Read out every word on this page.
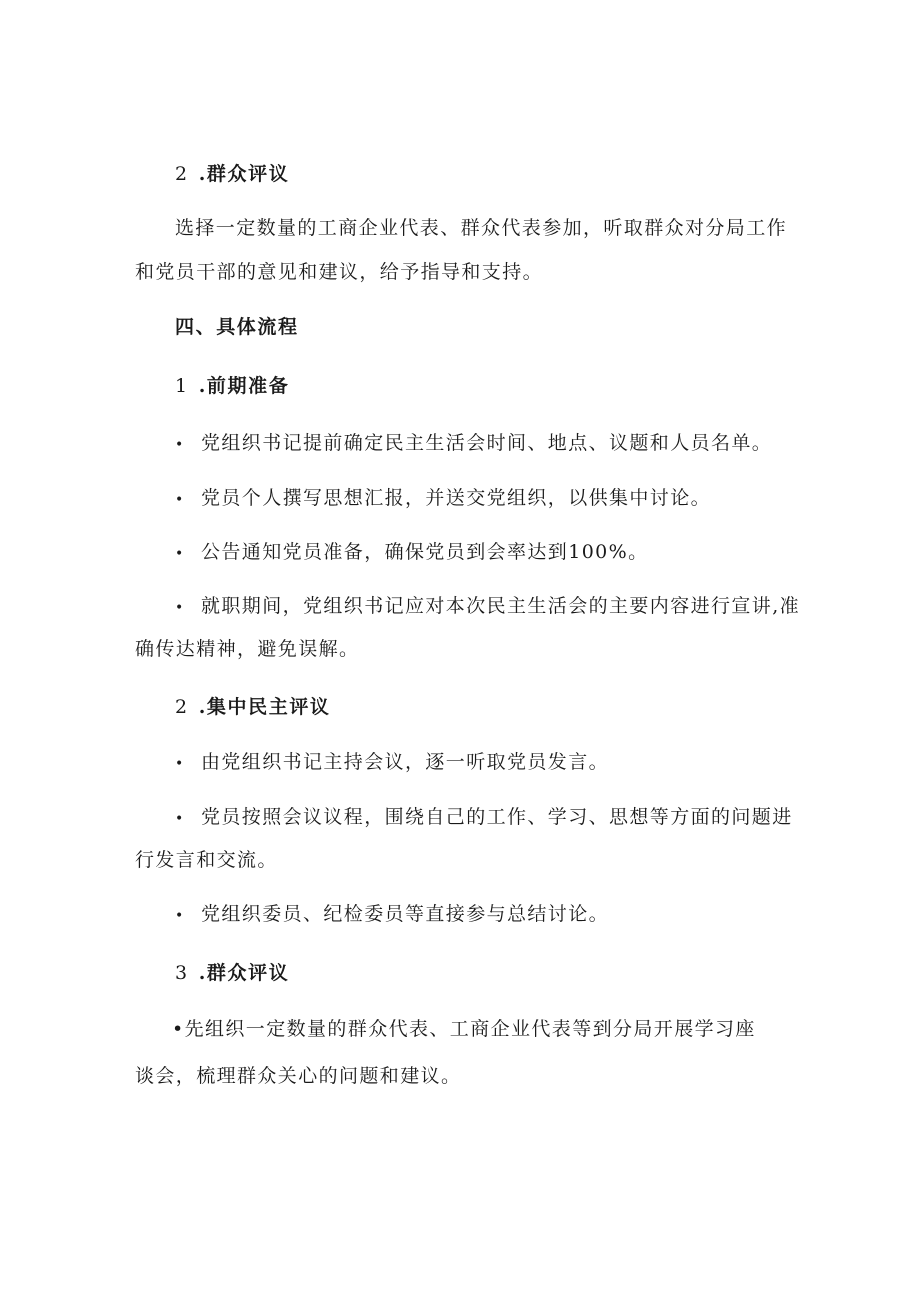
2 .群众评议
选择一定数量的工商企业代表、群众代表参加，听取群众对分局工作
和党员干部的意见和建议，给予指导和支持。
四、具体流程
1 .前期准备
• 党组织书记提前确定民主生活会时间、地点、议题和人员名单。
• 党员个人撰写思想汇报，并送交党组织，以供集中讨论。
• 公告通知党员准备，确保党员到会率达到100%。
• 就职期间，党组织书记应对本次民主生活会的主要内容进行宣讲,准
确传达精神，避免误解。
2 .集中民主评议
• 由党组织书记主持会议，逐一听取党员发言。
• 党员按照会议议程，围绕自己的工作、学习、思想等方面的问题进
行发言和交流。
• 党组织委员、纪检委员等直接参与总结讨论。
3 .群众评议
•先组织一定数量的群众代表、工商企业代表等到分局开展学习座
谈会，梳理群众关心的问题和建议。
